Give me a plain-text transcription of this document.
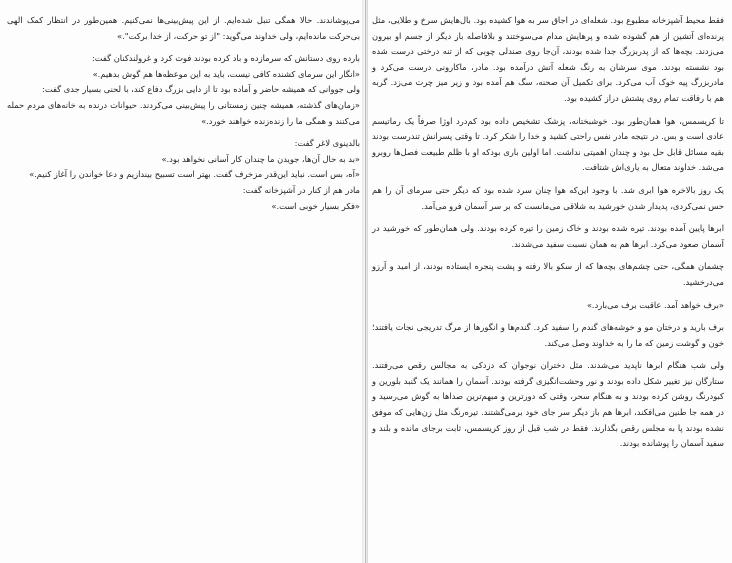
می‌پوشاندند. حالا همگی تنبل شده‌ایم. از این پیش‌بینی‌ها نمی‌کنیم. همین‌طور در انتظار کمک الهی بی‌حرکت مانده‌ایم، ولی خداوند می‌گوید: "از تو حرکت، از خدا برکت".»

بارده روی دستانش که سرمازده و باد کرده بودند فوت کرد و غرولندکنان گفت:

«انگار این سرمای کشنده کافی نیست، باید به این موعظه‌ها هم گوش بدهیم.»

ولی جووانی که همیشه حاضر و آماده بود تا از دایی بزرگ دفاع کند، با لحنی بسیار جدی گفت:

«زمان‌های گذشته، همیشه چنین زمستانی را پیش‌بینی می‌کردند. حیوانات درنده به خانه‌های مردم حمله می‌کنند و همگی ما را زنده‌زنده خواهند خورد.»

بالدینوی لاغر گفت:

«بد به حال آن‌ها، جویدن ما چندان کار آسانی نخواهد بود.»

«آه، بس است. نباید این‌قدر مزخرف گفت. بهتر است تسبیح بیندازیم و دعا خواندن را آغاز کنیم.»

مادر هم از کنار در آشپزخانه گفت:

«فکر بسیار خوبی است.»

فقط محیط آشپزخانه مطبوع بود. شعله‌ای در اجاق سر به هوا کشیده بود. بال‌هایش سرخ و طلایی، مثل پرنده‌ای آتشین از هم گشوده شده و پرهایش مدام می‌سوختند و بلافاصله باز دیگر از جسم او بیرون می‌زدند. بچه‌ها که از پدربزرگ جدا شده بودند، آن‌جا روی صندلی چوبی که از تنه درختی درست شده بود نشسته بودند. موی سرشان به رنگ شعله آتش درآمده بود. مادر، ماکارونی درست می‌کرد و مادربزرگ پیه خوک آب می‌کرد. برای تکمیل آن صحنه، سگ هم آمده بود و زیر میز چرت می‌زد. گربه هم با رفاقت تمام روی پشتش دراز کشیده بود.

تا کریسمس، هوا همان‌طور بود. خوشبختانه، پزشک تشخیص داده بود کم‌درد اوژا صرفاً یک رماتیسم عادی است و بس. در نتیجه مادر نفس راحتی کشید و خدا را شکر کرد. تا وقتی پسرانش تندرست بودند بقیه مسائل قابل حل بود و چندان اهمیتی نداشت. اما اولین باری بودکه او با ظلم طبیعت فصل‌ها روبرو می‌شد. خداوند متعال به یاری‌اش شتافت.

یک روز بالاخره هوا ابری شد. با وجود این‌که هوا چنان سرد شده بود که دیگر حتی سرمای آن را هم حس نمی‌کردی، پدیدار شدن خورشید به شلاقی می‌مانست که بر سر آسمان فرو می‌آمد.

ابرها پایین آمده بودند. تیره شده بودند و خاک زمین را تیره کرده بودند. ولی همان‌طور که خورشید در آسمان صعود می‌کرد. ابرها هم به همان نسبت سفید می‌شدند.

چشمان همگی، حتی چشم‌های بچه‌ها که از سکو بالا رفته و پشت پنجره ایستاده بودند، از امید و آرزو می‌درخشید.

«برف خواهد آمد. عاقبت برف می‌بارد.»

برف بارید و درختان مو و خوشه‌های گندم را سفید کرد. گندم‌ها و انگورها از مرگ تدریجی نجات یافتند؛ خون و گوشت زمین که ما را به خداوند وصل می‌کند.

ولی شب هنگام ابرها ناپدید می‌شدند. مثل دختران نوجوان که دزدکی به مجالس رقص می‌رفتند. ستارگان نیز تغییر شکل داده بودند و نور وحشت‌انگیزی گرفته بودند. آسمان را همانند یک گنبد بلورین و کبودرنگ روشن کرده بودند و به هنگام سحر، وقتی که دورترین و مبهم‌ترین صداها به گوش می‌رسید و در همه جا طنین می‌افکند، ابرها هم باز دیگر سر جای خود برمی‌گشتند. تیره‌رنگ مثل زن‌هایی که موفق نشده بودند پا به مجلس رقص بگذارند. فقط در شب قبل از روز کریسمس، ثابت برجای مانده و بلند و سفید آسمان را پوشانده بودند.
